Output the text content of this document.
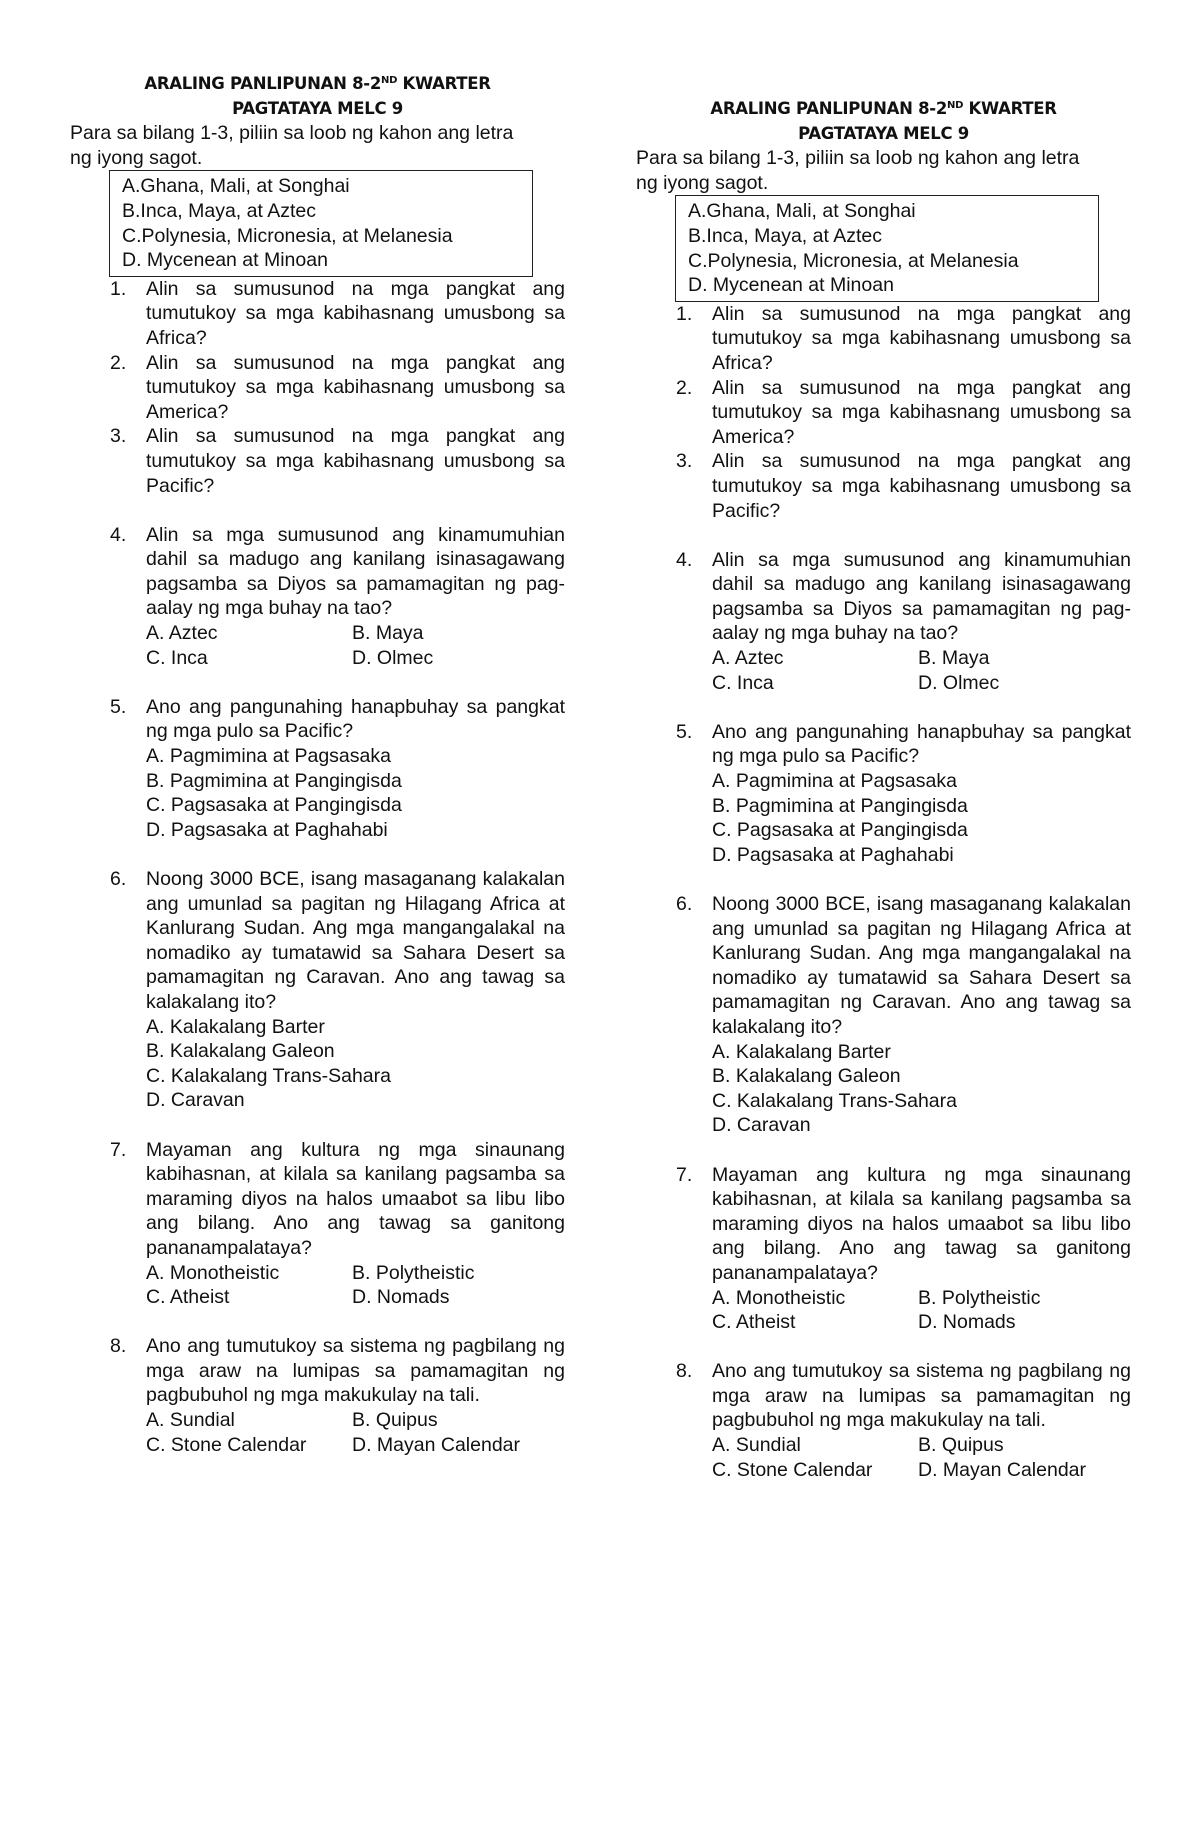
ARALING PANLIPUNAN 8-2ND KWARTER
PAGTATAYA MELC 9

Para sa bilang 1-3, piliin sa loob ng kahon ang letra
ng iyong sagot.

A.Ghana, Mali, at Songhai
B.Inca, Maya, at Aztec
C.Polynesia, Micronesia, at Melanesia
D. Mycenean at Minoan
1. Alin sa sumusunod na mga pangkat ang tumutukoy sa mga kabihasnang umusbong sa Africa?
2. Alin sa sumusunod na mga pangkat ang tumutukoy sa mga kabihasnang umusbong sa America?
3. Alin sa sumusunod na mga pangkat ang tumutukoy sa mga kabihasnang umusbong sa Pacific?
4. Alin sa mga sumusunod ang kinamumuhian dahil sa madugo ang kanilang isinasagawang pagsamba sa Diyos sa pamamagitan ng pag-aalay ng mga buhay na tao?
A. Aztec	B. Maya
C. Inca	D. Olmec
5. Ano ang pangunahing hanapbuhay sa pangkat ng mga pulo sa Pacific?
A. Pagmimina at Pagsasaka
B. Pagmimina at Pangingisda
C. Pagsasaka at Pangingisda
D. Pagsasaka at Paghahabi
6. Noong 3000 BCE, isang masaganang kalakalan ang umunlad sa pagitan ng Hilagang Africa at Kanlurang Sudan. Ang mga mangangalakal na nomadiko ay tumatawid sa Sahara Desert sa pamamagitan ng Caravan. Ano ang tawag sa kalakalang ito?
A. Kalakalang Barter
B. Kalakalang Galeon
C. Kalakalang Trans-Sahara
D. Caravan
7. Mayaman ang kultura ng mga sinaunang kabihasnan, at kilala sa kanilang pagsamba sa maraming diyos na halos umaabot sa libu libo ang bilang. Ano ang tawag sa ganitong pananampalataya?
A. Monotheistic	B. Polytheistic
C. Atheist	D. Nomads
8. Ano ang tumutukoy sa sistema ng pagbilang ng mga araw na lumipas sa pamamagitan ng pagbubuhol ng mga makukulay na tali.
A. Sundial	B. Quipus
C. Stone Calendar	D. Mayan Calendar
ARALING PANLIPUNAN 8-2ND KWARTER
PAGTATAYA MELC 9

Para sa bilang 1-3, piliin sa loob ng kahon ang letra
ng iyong sagot.

A.Ghana, Mali, at Songhai
B.Inca, Maya, at Aztec
C.Polynesia, Micronesia, at Melanesia
D. Mycenean at Minoan
1. Alin sa sumusunod na mga pangkat ang tumutukoy sa mga kabihasnang umusbong sa Africa?
2. Alin sa sumusunod na mga pangkat ang tumutukoy sa mga kabihasnang umusbong sa America?
3. Alin sa sumusunod na mga pangkat ang tumutukoy sa mga kabihasnang umusbong sa Pacific?
4. Alin sa mga sumusunod ang kinamumuhian dahil sa madugo ang kanilang isinasagawang pagsamba sa Diyos sa pamamagitan ng pag-aalay ng mga buhay na tao?
A. Aztec	B. Maya
C. Inca	D. Olmec
5. Ano ang pangunahing hanapbuhay sa pangkat ng mga pulo sa Pacific?
A. Pagmimina at Pagsasaka
B. Pagmimina at Pangingisda
C. Pagsasaka at Pangingisda
D. Pagsasaka at Paghahabi
6. Noong 3000 BCE, isang masaganang kalakalan ang umunlad sa pagitan ng Hilagang Africa at Kanlurang Sudan. Ang mga mangangalakal na nomadiko ay tumatawid sa Sahara Desert sa pamamagitan ng Caravan. Ano ang tawag sa kalakalang ito?
A. Kalakalang Barter
B. Kalakalang Galeon
C. Kalakalang Trans-Sahara
D. Caravan
7. Mayaman ang kultura ng mga sinaunang kabihasnan, at kilala sa kanilang pagsamba sa maraming diyos na halos umaabot sa libu libo ang bilang. Ano ang tawag sa ganitong pananampalataya?
A. Monotheistic	B. Polytheistic
C. Atheist	D. Nomads
8. Ano ang tumutukoy sa sistema ng pagbilang ng mga araw na lumipas sa pamamagitan ng pagbubuhol ng mga makukulay na tali.
A. Sundial	B. Quipus
C. Stone Calendar	D. Mayan Calendar
